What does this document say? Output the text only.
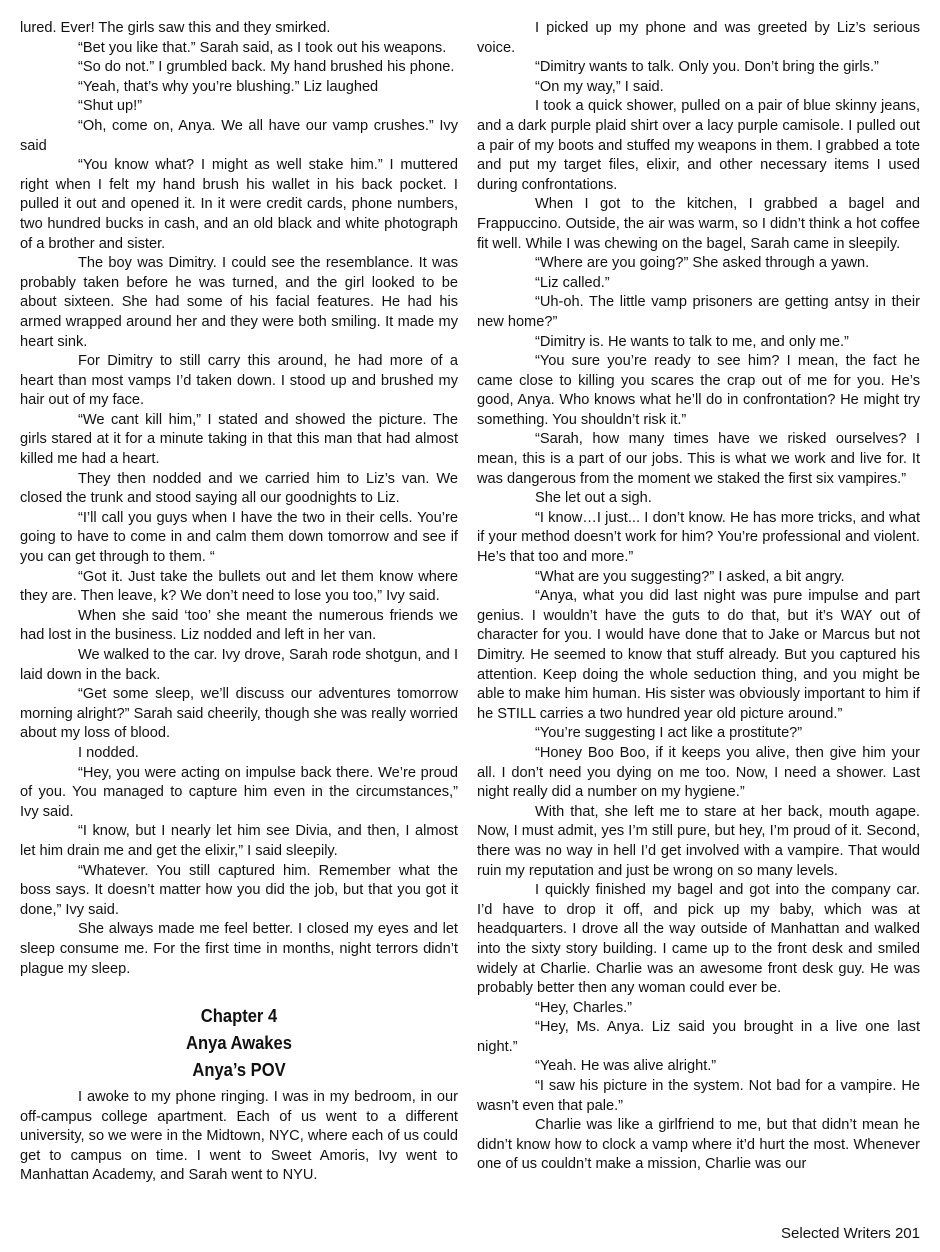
lured. Ever! The girls saw this and they smirked.

“Bet you like that.” Sarah said, as I took out his weapons.

“So do not.” I grumbled back. My hand brushed his phone.

“Yeah, that’s why you’re blushing.” Liz laughed

“Shut up!”

“Oh, come on, Anya. We all have our vamp crushes.” Ivy said

“You know what? I might as well stake him.” I muttered right when I felt my hand brush his wallet in his back pocket. I pulled it out and opened it. In it were credit cards, phone numbers, two hundred bucks in cash, and an old black and white photograph of a brother and sister.

The boy was Dimitry. I could see the resemblance. It was probably taken before he was turned, and the girl looked to be about sixteen. She had some of his facial features. He had his armed wrapped around her and they were both smiling. It made my heart sink.

For Dimitry to still carry this around, he had more of a heart than most vamps I’d taken down. I stood up and brushed my hair out of my face.

“We cant kill him,” I stated and showed the picture. The girls stared at it for a minute taking in that this man that had almost killed me had a heart.

They then nodded and we carried him to Liz’s van. We closed the trunk and stood saying all our goodnights to Liz.

“I’ll call you guys when I have the two in their cells. You’re going to have to come in and calm them down tomorrow and see if you can get through to them. “

“Got it. Just take the bullets out and let them know where they are. Then leave, k? We don’t need to lose you too,” Ivy said.

When she said ‘too’ she meant the numerous friends we had lost in the business. Liz nodded and left in her van.

We walked to the car. Ivy drove, Sarah rode shotgun, and I laid down in the back.

“Get some sleep, we’ll discuss our adventures tomorrow morning alright?” Sarah said cheerily, though she was really worried about my loss of blood.

I nodded.

“Hey, you were acting on impulse back there. We’re proud of you. You managed to capture him even in the circumstances,” Ivy said.

“I know, but I nearly let him see Divia, and then, I almost let him drain me and get the elixir,” I said sleepily.

“Whatever. You still captured him. Remember what the boss says. It doesn’t matter how you did the job, but that you got it done,” Ivy said.

She always made me feel better. I closed my eyes and let sleep consume me. For the first time in months, night terrors didn’t plague my sleep.

Chapter 4
Anya Awakes
Anya’s POV

I awoke to my phone ringing. I was in my bedroom, in our off-campus college apartment. Each of us went to a different university, so we were in the Midtown, NYC, where each of us could get to campus on time. I went to Sweet Amoris, Ivy went to Manhattan Academy, and Sarah went to NYU.

I picked up my phone and was greeted by Liz’s serious voice.

“Dimitry wants to talk. Only you. Don’t bring the girls.”

“On my way,” I said.

I took a quick shower, pulled on a pair of blue skinny jeans, and a dark purple plaid shirt over a lacy purple camisole. I pulled out a pair of my boots and stuffed my weapons in them. I grabbed a tote and put my target files, elixir, and other necessary items I used during confrontations.

When I got to the kitchen, I grabbed a bagel and Frappuccino. Outside, the air was warm, so I didn’t think a hot coffee fit well. While I was chewing on the bagel, Sarah came in sleepily.

“Where are you going?” She asked through a yawn.

“Liz called.”

“Uh-oh. The little vamp prisoners are getting antsy in their new home?”

“Dimitry is. He wants to talk to me, and only me.”

“You sure you’re ready to see him? I mean, the fact he came close to killing you scares the crap out of me for you. He’s good, Anya. Who knows what he’ll do in confrontation? He might try something. You shouldn’t risk it.”

“Sarah, how many times have we risked ourselves? I mean, this is a part of our jobs. This is what we work and live for. It was dangerous from the moment we staked the first six vampires.”

She let out a sigh.

“I know…I just... I don’t know. He has more tricks, and what if your method doesn’t work for him? You’re professional and violent. He’s that too and more.”

“What are you suggesting?” I asked, a bit angry.

“Anya, what you did last night was pure impulse and part genius. I wouldn’t have the guts to do that, but it’s WAY out of character for you. I would have done that to Jake or Marcus but not Dimitry. He seemed to know that stuff already. But you captured his attention. Keep doing the whole seduction thing, and you might be able to make him human. His sister was obviously important to him if he STILL carries a two hundred year old picture around.”

“You’re suggesting I act like a prostitute?”

“Honey Boo Boo, if it keeps you alive, then give him your all. I don’t need you dying on me too. Now, I need a shower. Last night really did a number on my hygiene.”

With that, she left me to stare at her back, mouth agape. Now, I must admit, yes I’m still pure, but hey, I’m proud of it. Second, there was no way in hell I’d get involved with a vampire. That would ruin my reputation and just be wrong on so many levels.

I quickly finished my bagel and got into the company car. I’d have to drop it off, and pick up my baby, which was at headquarters. I drove all the way outside of Manhattan and walked into the sixty story building. I came up to the front desk and smiled widely at Charlie. Charlie was an awesome front desk guy. He was probably better then any woman could ever be.

“Hey, Charles.”

“Hey, Ms. Anya. Liz said you brought in a live one last night.”

“Yeah. He was alive alright.”

“I saw his picture in the system. Not bad for a vampire. He wasn’t even that pale.”

Charlie was like a girlfriend to me, but that didn’t mean he didn’t know how to clock a vamp where it’d hurt the most. Whenever one of us couldn’t make a mission, Charlie was our

Selected Writers 201
